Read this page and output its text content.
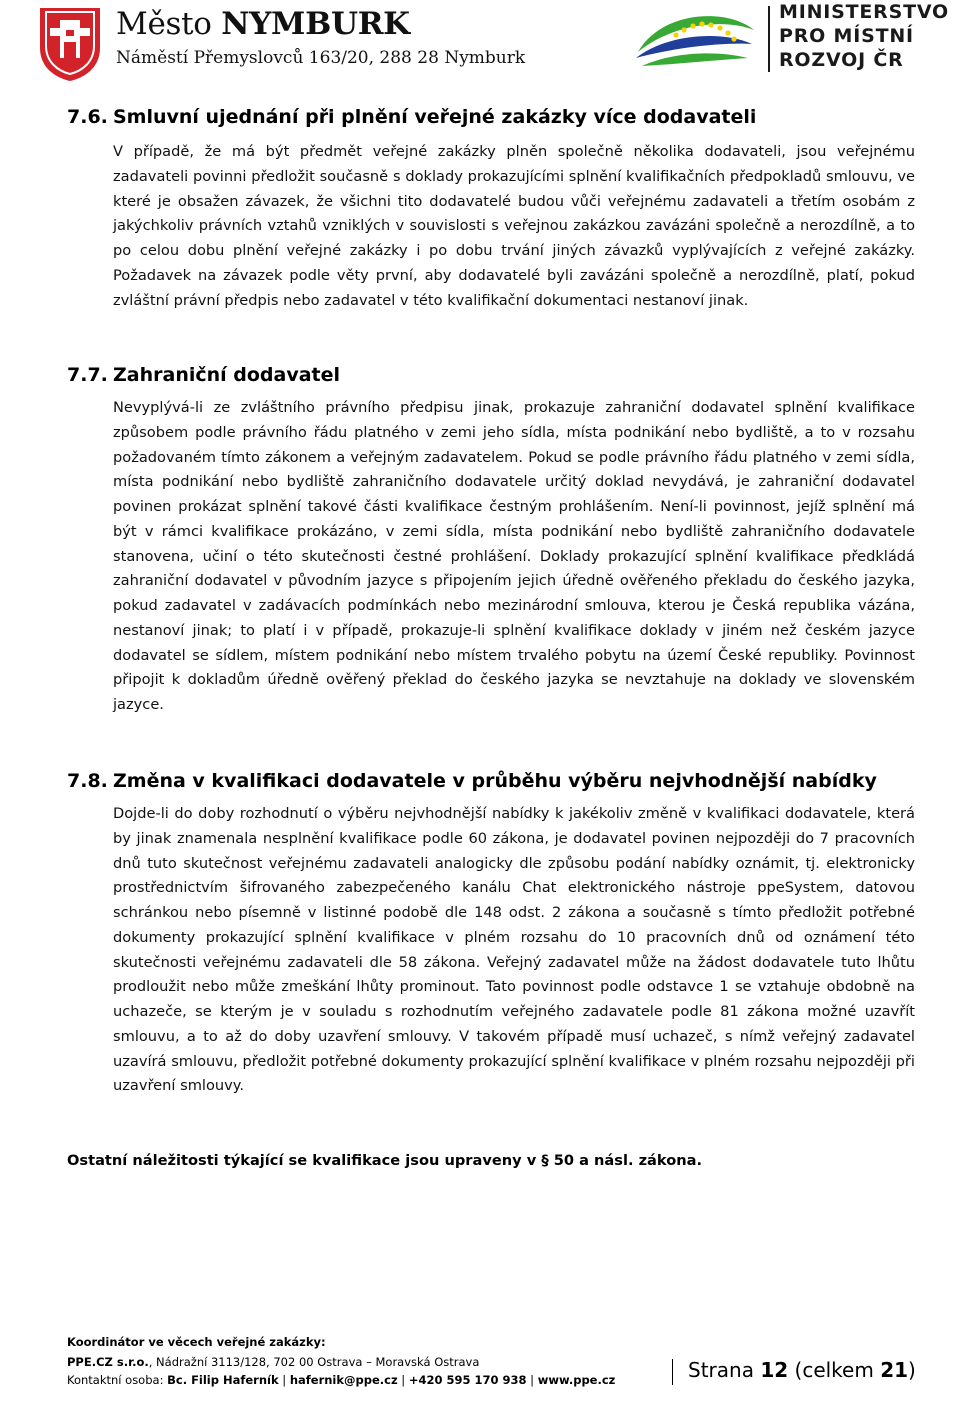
Město NYMBURK
Náměstí Přemyslovců 163/20, 288 28 Nymburk
MINISTERSTVO
PRO MÍSTNÍ
ROZVOJ ČR
7.6. Smluvní ujednání při plnění veřejné zakázky více dodavateli

V případě, že má být předmět veřejné zakázky plněn společně několika dodavateli, jsou veřejnému zadavateli povinni předložit současně s doklady prokazujícími splnění kvalifikačních předpokladů smlouvu, ve které je obsažen závazek, že všichni tito dodavatelé budou vůči veřejnému zadavateli a třetím osobám z jakýchkoliv právních vztahů vzniklých v souvislosti s veřejnou zakázkou zavázáni společně a nerozdílně, a to po celou dobu plnění veřejné zakázky i po dobu trvání jiných závazků vyplývajících z veřejné zakázky. Požadavek na závazek podle věty první, aby dodavatelé byli zavázáni společně a nerozdílně, platí, pokud zvláštní právní předpis nebo zadavatel v této kvalifikační dokumentaci nestanoví jinak.

7.7. Zahraniční dodavatel

Nevyplývá-li ze zvláštního právního předpisu jinak, prokazuje zahraniční dodavatel splnění kvalifikace způsobem podle právního řádu platného v zemi jeho sídla, místa podnikání nebo bydliště, a to v rozsahu požadovaném tímto zákonem a veřejným zadavatelem. Pokud se podle právního řádu platného v zemi sídla, místa podnikání nebo bydliště zahraničního dodavatele určitý doklad nevydává, je zahraniční dodavatel povinen prokázat splnění takové části kvalifikace čestným prohlášením. Není-li povinnost, jejíž splnění má být v rámci kvalifikace prokázáno, v zemi sídla, místa podnikání nebo bydliště zahraničního dodavatele stanovena, učiní o této skutečnosti čestné prohlášení. Doklady prokazující splnění kvalifikace předkládá zahraniční dodavatel v původním jazyce s připojením jejich úředně ověřeného překladu do českého jazyka, pokud zadavatel v zadávacích podmínkách nebo mezinárodní smlouva, kterou je Česká republika vázána, nestanoví jinak; to platí i v případě, prokazuje-li splnění kvalifikace doklady v jiném než českém jazyce dodavatel se sídlem, místem podnikání nebo místem trvalého pobytu na území České republiky. Povinnost připojit k dokladům úředně ověřený překlad do českého jazyka se nevztahuje na doklady ve slovenském jazyce.

7.8. Změna v kvalifikaci dodavatele v průběhu výběru nejvhodnější nabídky

Dojde-li do doby rozhodnutí o výběru nejvhodnější nabídky k jakékoliv změně v kvalifikaci dodavatele, která by jinak znamenala nesplnění kvalifikace podle 60 zákona, je dodavatel povinen nejpozději do 7 pracovních dnů tuto skutečnost veřejnému zadavateli analogicky dle způsobu podání nabídky oznámit, tj. elektronicky prostřednictvím šifrovaného zabezpečeného kanálu Chat elektronického nástroje ppeSystem, datovou schránkou nebo písemně v listinné podobě dle 148 odst. 2 zákona a současně s tímto předložit potřebné dokumenty prokazující splnění kvalifikace v plném rozsahu do 10 pracovních dnů od oznámení této skutečnosti veřejnému zadavateli dle 58 zákona. Veřejný zadavatel může na žádost dodavatele tuto lhůtu prodloužit nebo může zmeškání lhůty prominout. Tato povinnost podle odstavce 1 se vztahuje obdobně na uchazeče, se kterým je v souladu s rozhodnutím veřejného zadavatele podle 81 zákona možné uzavřít smlouvu, a to až do doby uzavření smlouvy. V takovém případě musí uchazeč, s nímž veřejný zadavatel uzavírá smlouvu, předložit potřebné dokumenty prokazující splnění kvalifikace v plném rozsahu nejpozději při uzavření smlouvy.

Ostatní náležitosti týkající se kvalifikace jsou upraveny v § 50 a násl. zákona.
Koordinátor ve věcech veřejné zakázky:
PPE.CZ s.r.o., Nádražní 3113/128, 702 00 Ostrava – Moravská Ostrava
Kontaktní osoba: Bc. Filip Haferník | hafernik@ppe.cz | +420 595 170 938 | www.ppe.cz	Strana 12 (celkem 21)
